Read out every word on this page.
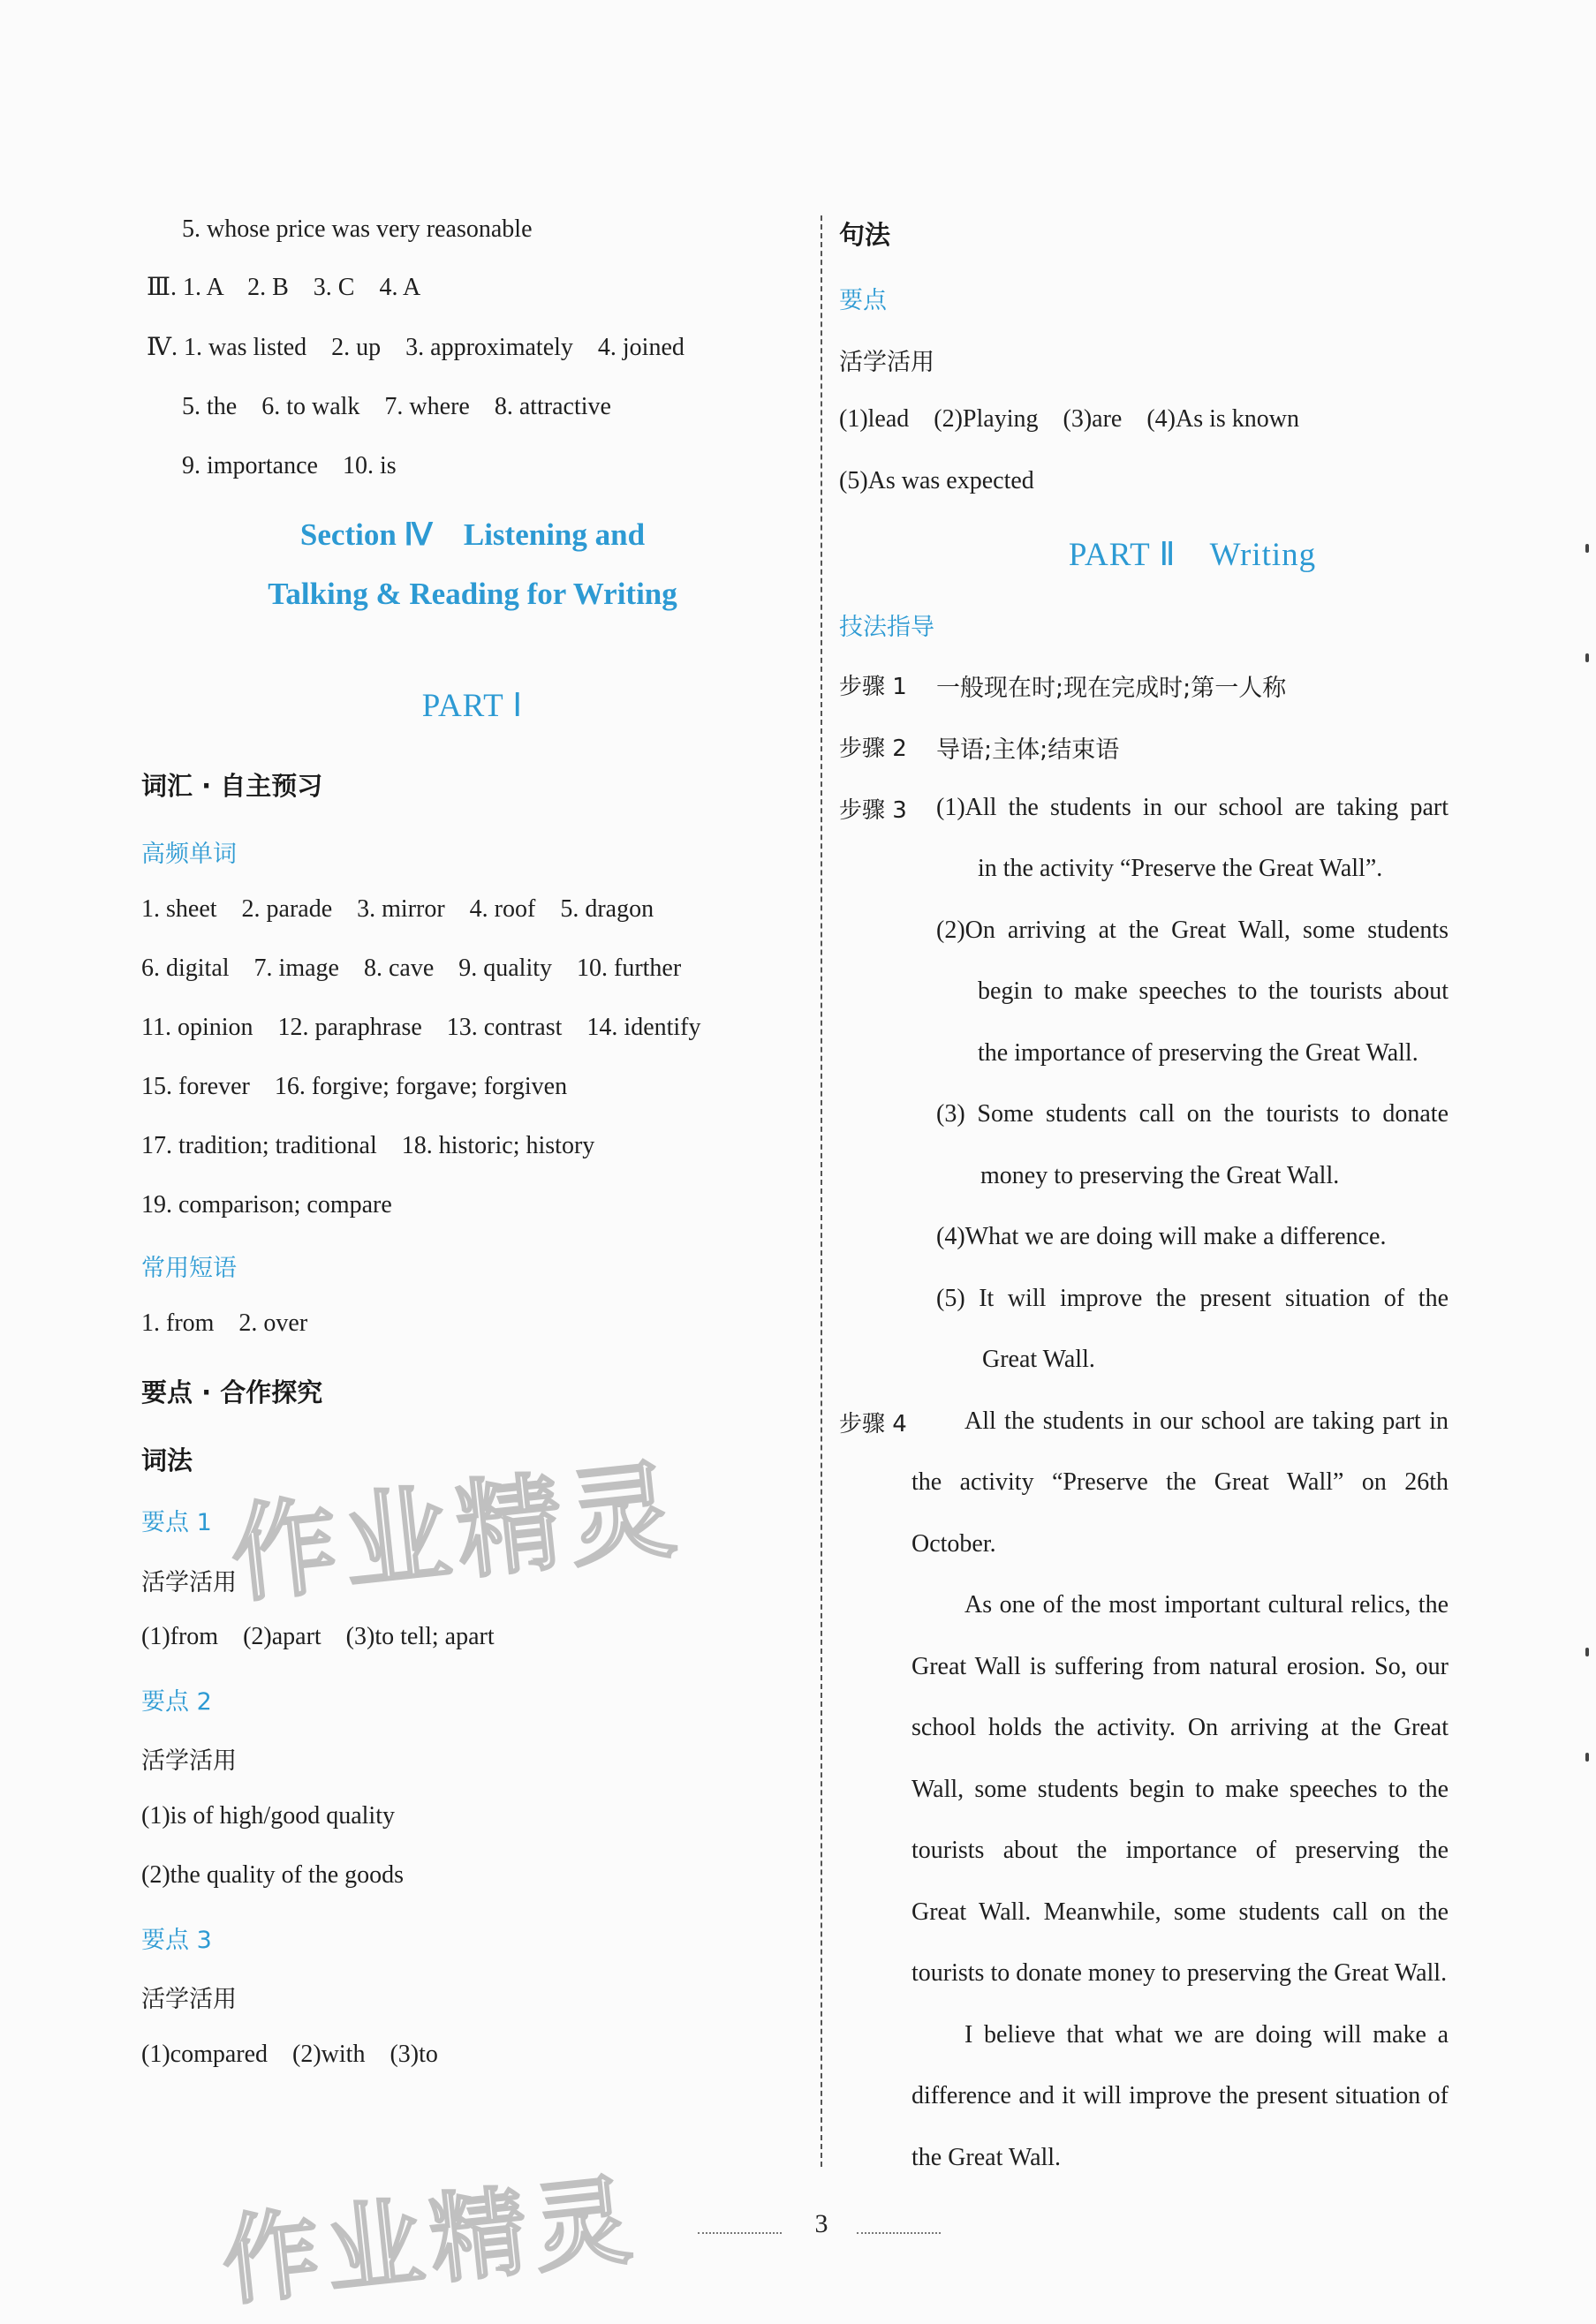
5. whose price was very reasonable
Ⅲ. 1. A　2. B　3. C　4. A
Ⅳ. 1. was listed　2. up　3. approximately　4. joined
5. the　6. to walk　7. where　8. attractive
9. importance　10. is
Section Ⅳ　Listening and
Talking & Reading for Writing
PART Ⅰ
词汇 · 自主预习
高频单词
1. sheet　2. parade　3. mirror　4. roof　5. dragon
6. digital　7. image　8. cave　9. quality　10. further
11. opinion　12. paraphrase　13. contrast　14. identify
15. forever　16. forgive; forgave; forgiven
17. tradition; traditional　18. historic; history
19. comparison; compare
常用短语
1. from　2. over
要点 · 合作探究
词法
要点 1
活学活用
(1)from　(2)apart　(3)to tell; apart
要点 2
活学活用
(1)is of high/good quality
(2)the quality of the goods
要点 3
活学活用
(1)compared　(2)with　(3)to
句法
要点
活学活用
(1)lead　(2)Playing　(3)are　(4)As is known
(5)As was expected
PART Ⅱ　Writing
技法指导
步骤 1 一般现在时;现在完成时;第一人称
步骤 2 导语;主体;结束语
步骤 3 (1)All the students in our school are taking part
in the activity “Preserve the Great Wall”.
(2)On arriving at the Great Wall, some students
begin to make speeches to the tourists about
the importance of preserving the Great Wall.
(3) Some students call on the tourists to donate
money to preserving the Great Wall.
(4)What we are doing will make a difference.
(5) It will improve the present situation of the
Great Wall.
步骤 4 All the students in our school are taking part in
the activity “Preserve the Great Wall” on 26th
October.
As one of the most important cultural relics, the
Great Wall is suffering from natural erosion. So, our
school holds the activity. On arriving at the Great
Wall, some students begin to make speeches to the
tourists about the importance of preserving the
Great Wall. Meanwhile, some students call on the
tourists to donate money to preserving the Great Wall.
I believe that what we are doing will make a
difference and it will improve the present situation of
the Great Wall.
作业精灵
作业精灵	3
